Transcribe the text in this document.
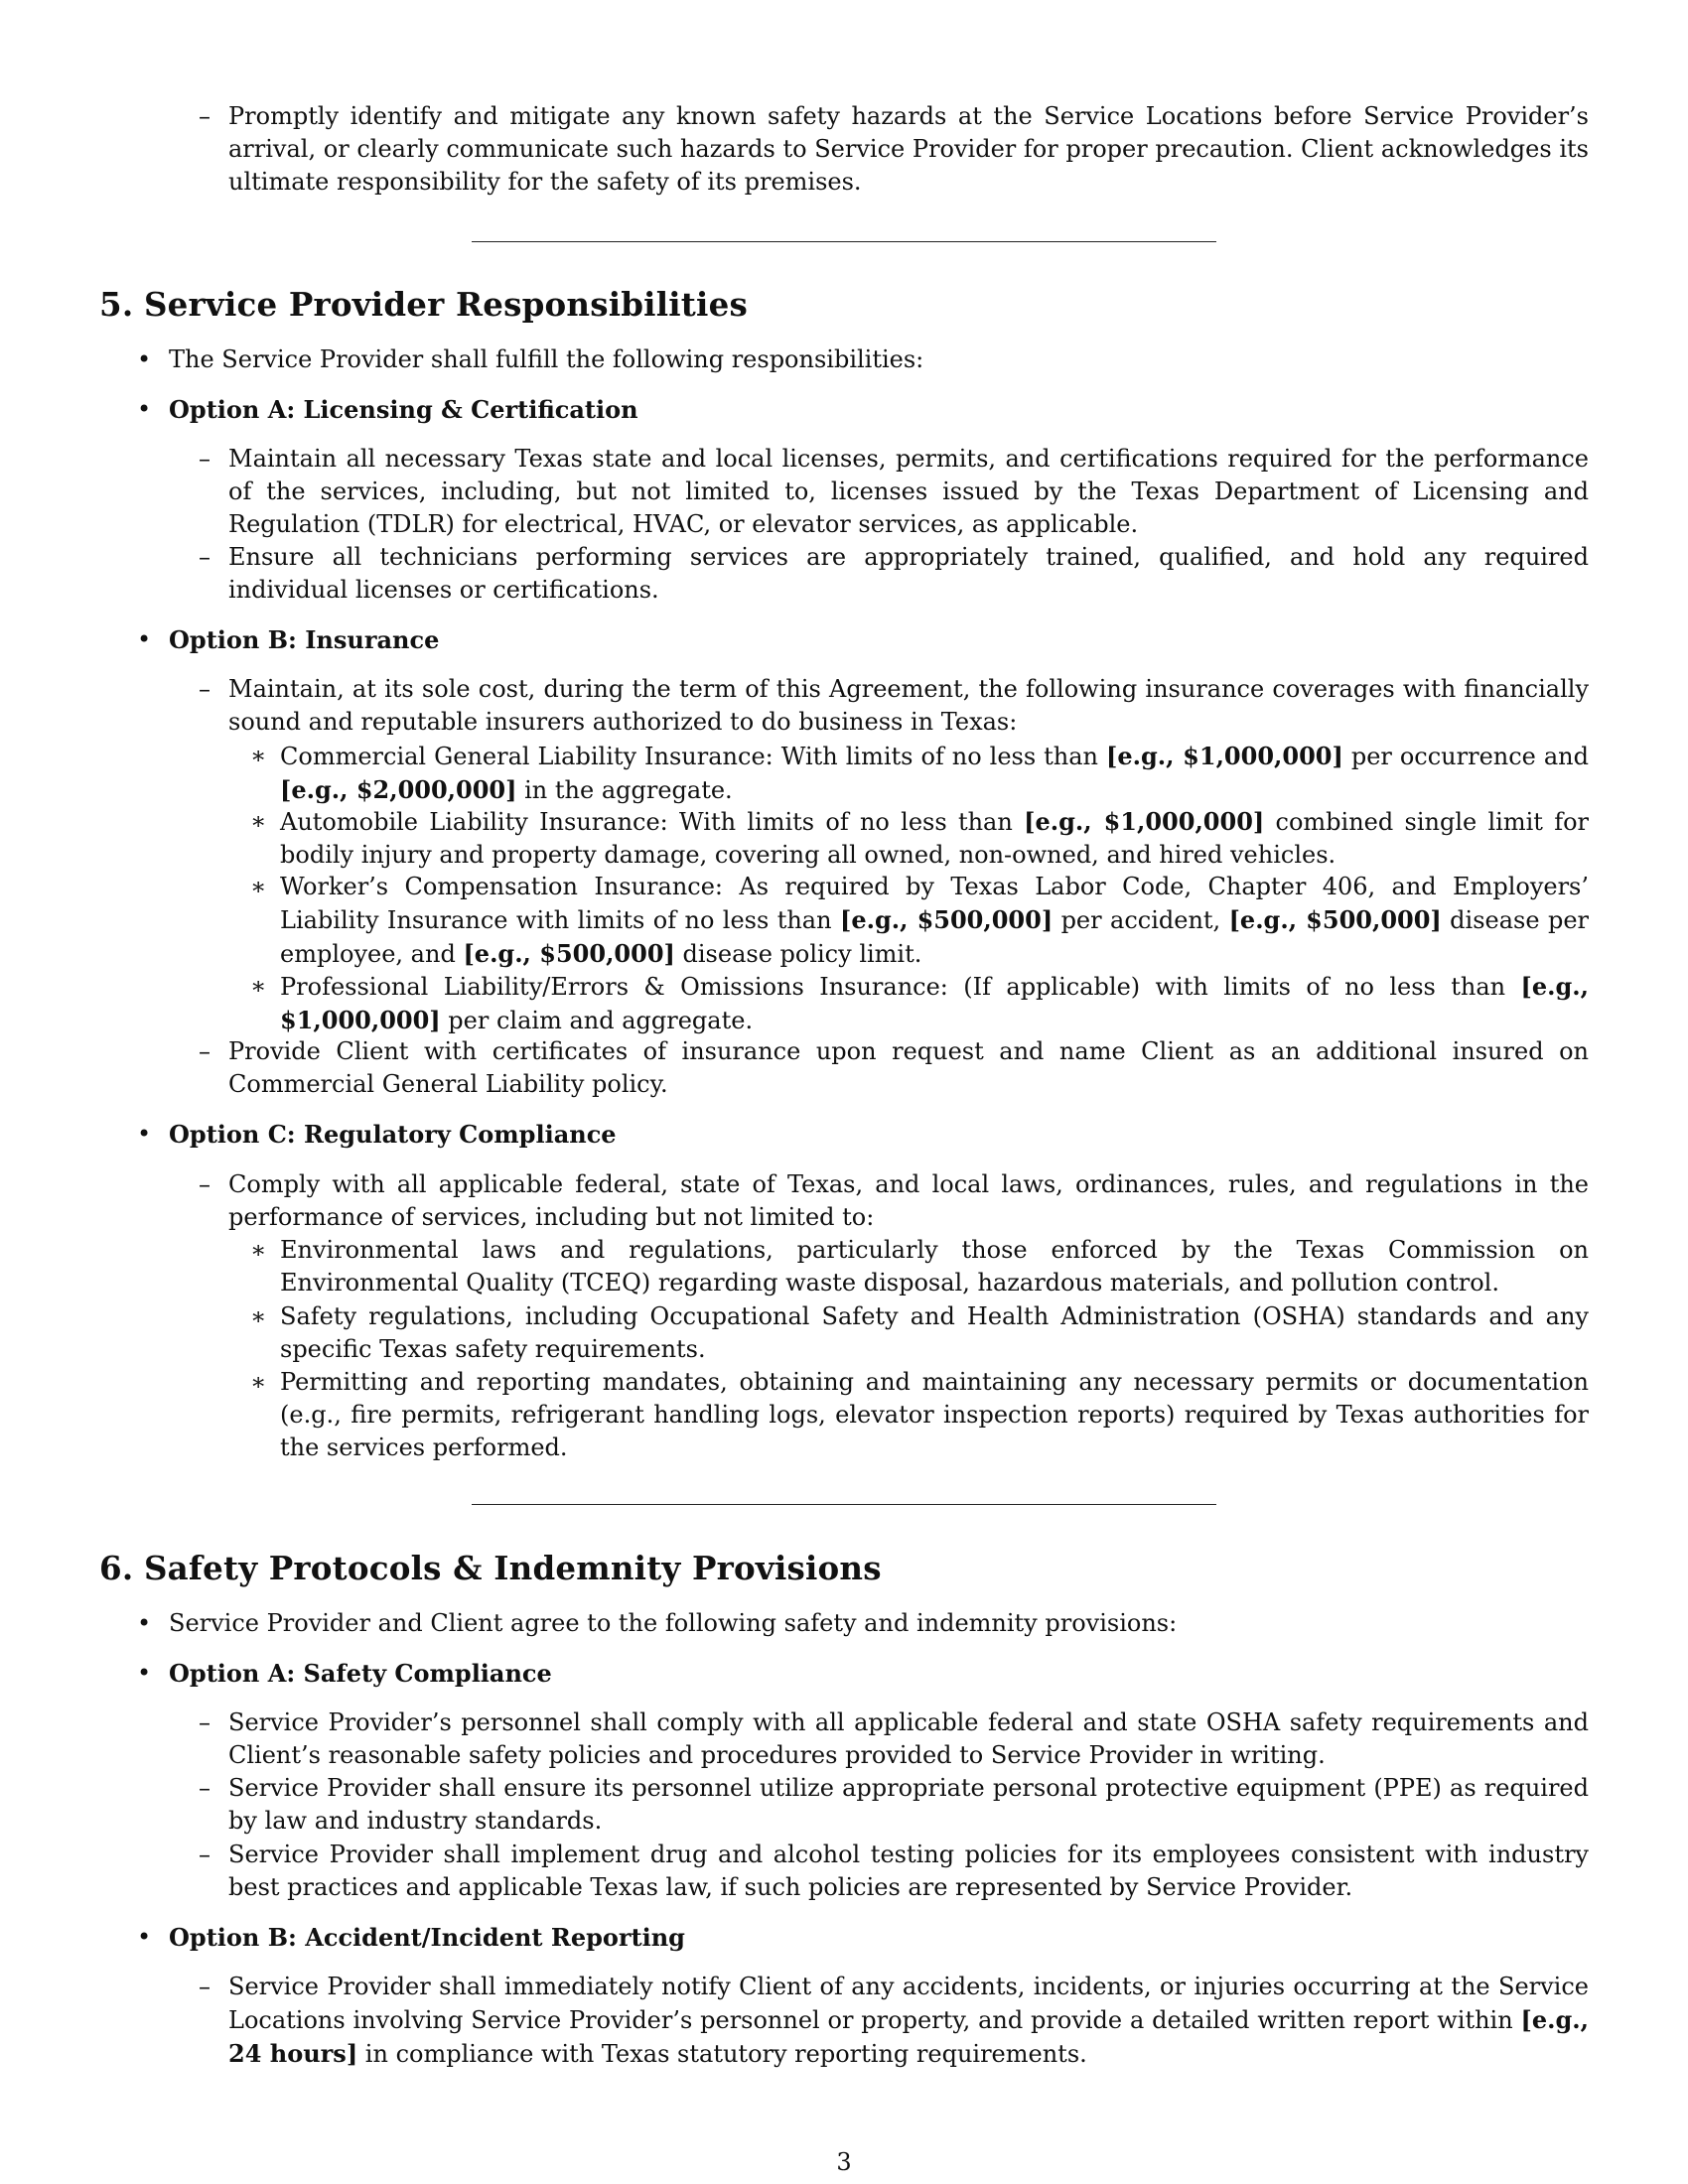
– Promptly identify and mitigate any known safety hazards at the Service Locations before Service Provider’s arrival, or clearly communicate such hazards to Service Provider for proper precaution. Client acknowledges its ultimate responsibility for the safety of its premises.

5. Service Provider Responsibilities
• The Service Provider shall fulfill the following responsibilities:

• Option A: Licensing & Certification

– Maintain all necessary Texas state and local licenses, permits, and certifications required for the performance of the services, including, but not limited to, licenses issued by the Texas Department of Licensing and Regulation (TDLR) for electrical, HVAC, or elevator services, as applicable.

– Ensure all technicians performing services are appropriately trained, qualified, and hold any required individual licenses or certifications.

• Option B: Insurance

– Maintain, at its sole cost, during the term of this Agreement, the following insurance coverages with financially sound and reputable insurers authorized to do business in Texas:

∗ Commercial General Liability Insurance: With limits of no less than [e.g., $1,000,000] per occurrence and [e.g., $2,000,000] in the aggregate.

∗ Automobile Liability Insurance: With limits of no less than [e.g., $1,000,000] combined single limit for bodily injury and property damage, covering all owned, non-owned, and hired vehicles.

∗ Worker’s Compensation Insurance: As required by Texas Labor Code, Chapter 406, and Employers’ Liability Insurance with limits of no less than [e.g., $500,000] per accident, [e.g., $500,000] disease per employee, and [e.g., $500,000] disease policy limit.

∗ Professional Liability/Errors & Omissions Insurance: (If applicable) with limits of no less than [e.g., $1,000,000] per claim and aggregate.

– Provide Client with certificates of insurance upon request and name Client as an additional insured on Commercial General Liability policy.

• Option C: Regulatory Compliance

– Comply with all applicable federal, state of Texas, and local laws, ordinances, rules, and regulations in the performance of services, including but not limited to:

∗ Environmental laws and regulations, particularly those enforced by the Texas Commission on Environmental Quality (TCEQ) regarding waste disposal, hazardous materials, and pollution control.

∗ Safety regulations, including Occupational Safety and Health Administration (OSHA) standards and any specific Texas safety requirements.

∗ Permitting and reporting mandates, obtaining and maintaining any necessary permits or documentation (e.g., fire permits, refrigerant handling logs, elevator inspection reports) required by Texas authorities for the services performed.

6. Safety Protocols & Indemnity Provisions
• Service Provider and Client agree to the following safety and indemnity provisions:

• Option A: Safety Compliance

– Service Provider’s personnel shall comply with all applicable federal and state OSHA safety requirements and Client’s reasonable safety policies and procedures provided to Service Provider in writing.

– Service Provider shall ensure its personnel utilize appropriate personal protective equipment (PPE) as required by law and industry standards.

– Service Provider shall implement drug and alcohol testing policies for its employees consistent with industry best practices and applicable Texas law, if such policies are represented by Service Provider.

• Option B: Accident/Incident Reporting

– Service Provider shall immediately notify Client of any accidents, incidents, or injuries occurring at the Service Locations involving Service Provider’s personnel or property, and provide a detailed written report within [e.g., 24 hours] in compliance with Texas statutory reporting requirements.

3
